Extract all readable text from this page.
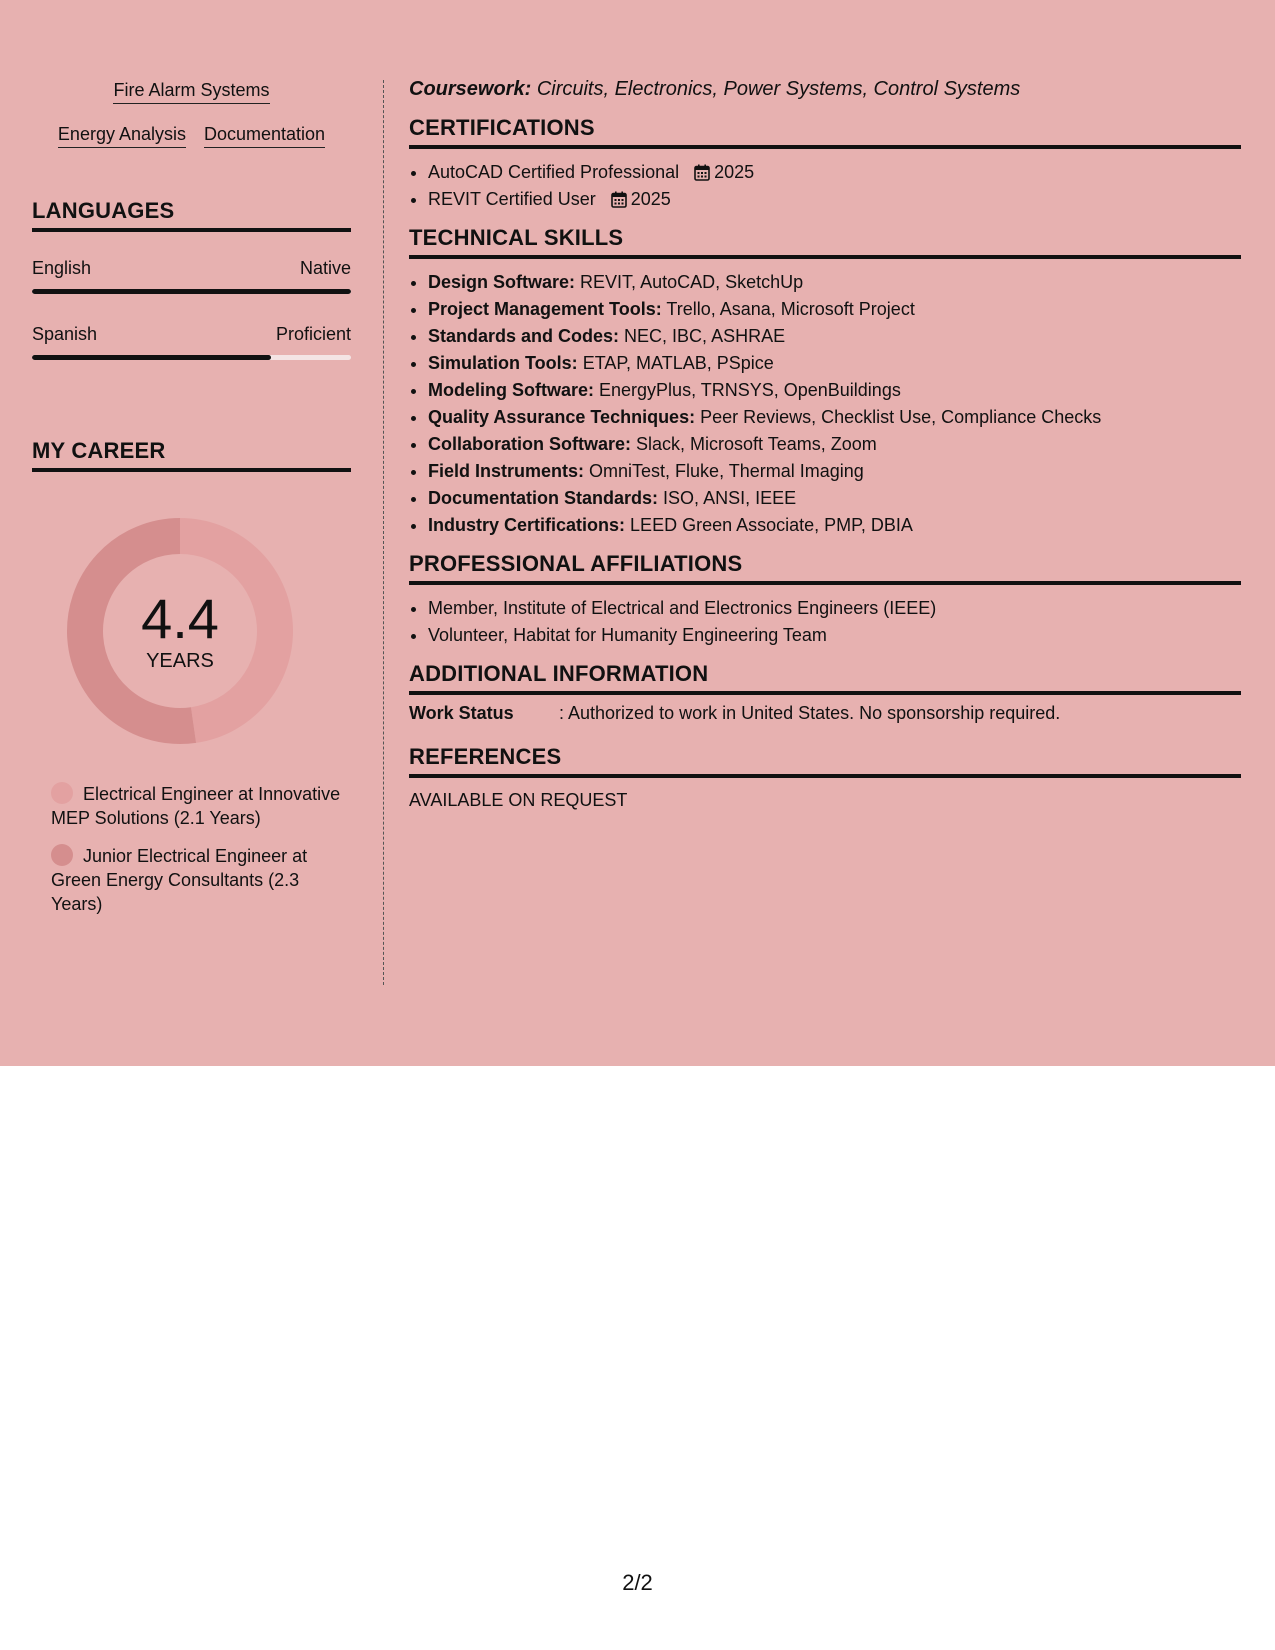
Fire Alarm Systems
Energy Analysis Documentation
LANGUAGES
English	Native
Spanish	Proficient
MY CAREER
4.4
YEARS
Electrical Engineer at Innovative MEP Solutions (2.1 Years)
Junior Electrical Engineer at Green Energy Consultants (2.3 Years)

Coursework: Circuits, Electronics, Power Systems, Control Systems

CERTIFICATIONS
• AutoCAD Certified Professional 2025
• REVIT Certified User 2025
TECHNICAL SKILLS
• Design Software: REVIT, AutoCAD, SketchUp
• Project Management Tools: Trello, Asana, Microsoft Project
• Standards and Codes: NEC, IBC, ASHRAE
• Simulation Tools: ETAP, MATLAB, PSpice
• Modeling Software: EnergyPlus, TRNSYS, OpenBuildings
• Quality Assurance Techniques: Peer Reviews, Checklist Use, Compliance Checks
• Collaboration Software: Slack, Microsoft Teams, Zoom
• Field Instruments: OmniTest, Fluke, Thermal Imaging
• Documentation Standards: ISO, ANSI, IEEE
• Industry Certifications: LEED Green Associate, PMP, DBIA
PROFESSIONAL AFFILIATIONS
• Member, Institute of Electrical and Electronics Engineers (IEEE)
• Volunteer, Habitat for Humanity Engineering Team
ADDITIONAL INFORMATION
Work Status	: Authorized to work in United States. No sponsorship required.
REFERENCES
AVAILABLE ON REQUEST
2/2
